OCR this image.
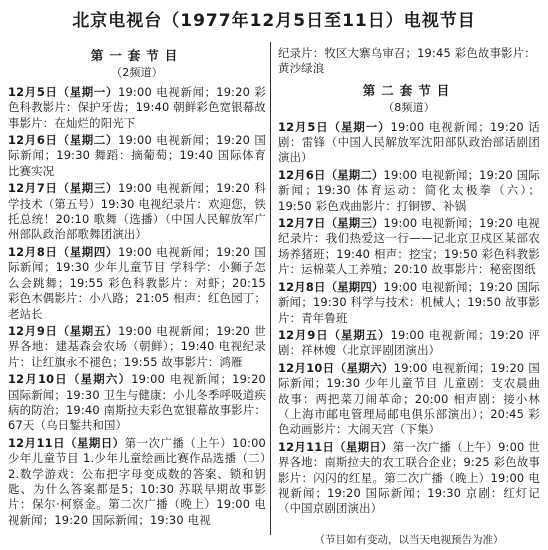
北京电视台（1977年12月5日至11日）电视节目
第一套节目
（2频道）
12月5日（星期一）19:00 电视新闻；19:20 彩色科教影片：保护牙齿；19:40 朝鲜彩色宽银幕故事影片：在灿烂的阳光下
12月6日（星期二）19:00 电视新闻；19:20 国际新闻；19:30 舞蹈：摘葡萄；19:40 国际体育比赛实况
12月7日（星期三）19:00 电视新闻；19:20 科学技术（第五号）19:30 电视纪录片：欢迎您，铁托总统！20:10 歌舞（选播）（中国人民解放军广州部队政治部歌舞团演出）
12月8日（星期四）19:00 电视新闻；19:20 国际新闻；19:30 少年儿童节目 学科学：小狮子怎么会跳舞；19:55 彩色科教影片：对虾；20:15 彩色木偶影片：小八路；21:05 相声：红色园丁；老站长
12月9日（星期五）19:00 电视新闻；19:20 世界各地：建基森会农场（朝鲜）；19:40 电视纪录片：让红旗永不褪色；19:55 故事影片：鸿雁
12月10日（星期六）19:00 电视新闻；19:20 国际新闻；19:30 卫生与健康：小儿冬季呼吸道疾病的防治；19:40 南斯拉夫彩色宽银幕故事影片：67天（乌日錾共和国）
12月11日（星期日）第一次广播（上午）10:00 少年儿童节目 1.少年儿童绘画比赛作品选播（二）2.数学游戏：公布把字母变成数的答案、锁和钥匙、为什么答案都是5；10:30 苏联早期故事影片：保尔·柯察金。第二次广播（晚上）19:00 电视新闻；19:20 国际新闻；19:30 电视
纪录片：牧区大寨乌审召；19:45 彩色故事影片：黄沙绿浪
第二套节目
（8频道）
12月5日（星期一）19:00 电视新闻；19:20 话剧：雷锋（中国人民解放军沈阳部队政治部话剧团演出）
12月6日（星期二）19:00 电视新闻；19:20 国际新闻；19:30 体育运动：简化太极拳（六）；19:50 彩色戏曲影片：打铜锣、补锅
12月7日（星期三）19:00 电视新闻；19:20 电视纪录片：我们热爱这一行——记北京卫戍区某部农场养猪班；19:40 相声：挖宝；19:50 彩色科教影片：运棉菜人工养殖；20:10 故事影片：秘密图纸
12月8日（星期四）19:00 电视新闻；19:20 国际新闻；19:30 科学与技术：机械人；19:50 故事影片：青年鲁班
12月9日（星期五）19:00 电视新闻；19:20 评剧：祥林嫂（北京评剧团演出）
12月10日（星期六）19:00 电视新闻；19:20 国际新闻；19:30 少年儿童节目 儿童剧：支农晨曲 故事：两把菜刀闹革命；20:00 相声剧：接小林（上海市邮电管理局邮电俱乐部演出）；20:45 彩色动画影片：大闹天宫（下集）
12月11日（星期日）第一次广播（上午）9:00 世界各地：南斯拉夫的农工联合企业；9:25 彩色故事影片：闪闪的红星。第二次广播（晚上）19:00 电视新闻；19:20 国际新闻；19:30 京剧：红灯记（中国京剧团演出）
（节目如有变动，以当天电视预告为准）
